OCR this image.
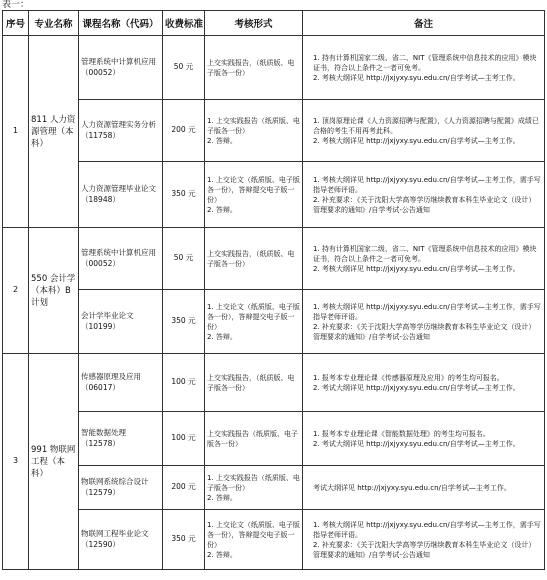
表一：
序号	专业名称	课程名称（代码）	收费标准	考核形式	备注
1	811 人力资源管理（本科）	管理系统中计算机应用（00052）	50 元	上交实践报告，（纸质版、电子版各一份）	1. 持有计算机国家二级、省二、NIT《管理系统中信息技术的应用》模块证书，符合以上条件之一者可免考。
2. 考核大纲详见 http://jxjyxy.syu.edu.cn/自学考试—主考工作。

		人力资源管理实务分析（11758）	200 元	1. 上交实践报告（纸质版、电子版各一份）
2. 答辩。	1. 顶岗原理论课《人力资源招聘与配置》，《人力资源招聘与配置》成绩已合格的考生不用再考此科。
2. 考核大纲详见 http://jxjyxy.syu.edu.cn/自学考试—主考工作。

		人力资源管理毕业论文（18948）	350 元	1. 上交论文（纸质版、电子版各一份），答辩提交电子版一份）
2. 答辩。	1. 考核大纲详见 http://jxjyxy.syu.edu.cn/自学考试—主考工作，需手写指导老师评语。
2. 补充要求：《关于沈阳大学高等学历继续教育本科生毕业论文（设计）管理要求的通知》/自学考试-公告通知

2	550 会计学（本科）B 计划	管理系统中计算机应用（00052）	50 元	上交实践报告，（纸质版、电子版各一份）	1. 持有计算机国家二级、省二、NIT《管理系统中信息技术的应用》模块证书，符合以上条件之一者可免考。
2. 考核大纲详见 http://jxjyxy.syu.edu.cn/自学考试—主考工作。

		会计学毕业论文（10199）	350 元	1. 上交论文（纸质版、电子版各一份），答辩提交电子版一份）
2. 答辩。	1. 考核大纲详见 http://jxjyxy.syu.edu.cn/自学考试—主考工作，需手写指导老师评语。
2. 补充要求：《关于沈阳大学高等学历继续教育本科生毕业论文（设计）管理要求的通知》/自学考试-公告通知

3	991 物联网工程（本科）	传感器原理及应用（06017）	100 元	上交实践报告，（纸质版、电子版各一份）	1. 报考本专业理论课《传感器原理及应用》的考生均可报名。
2. 考试大纲详见 http://jxjyxy.syu.edu.cn/自学考试—主考工作。

		智能数据处理（12578）	100 元	上交实践报告（纸质版、电子版各一份）	1. 报考本专业理论课《智能数据处理》的考生均可报名。
2. 考试大纲详见 http://jxjyxy.syu.edu.cn/自学考试—主考工作。

		物联网系统综合设计（12579）	200 元	1. 上交实践报告（纸质版、电子版各一份）
2. 答辩。	考试大纲详见 http://jxjyxy.syu.edu.cn/自学考试—主考工作。

		物联网工程毕业论文（12590）	350 元	1. 上交论文（纸质版、电子版各一份），答辩提交电子版一份）
2. 答辩。	1. 考核大纲详见 http://jxjyxy.syu.edu.cn/自学考试—主考工作，需手写指导老师评语。
2. 补充要求：《关于沈阳大学高等学历继续教育本科生毕业论文（设计）管理要求的通知》/自学考试-公告通知
